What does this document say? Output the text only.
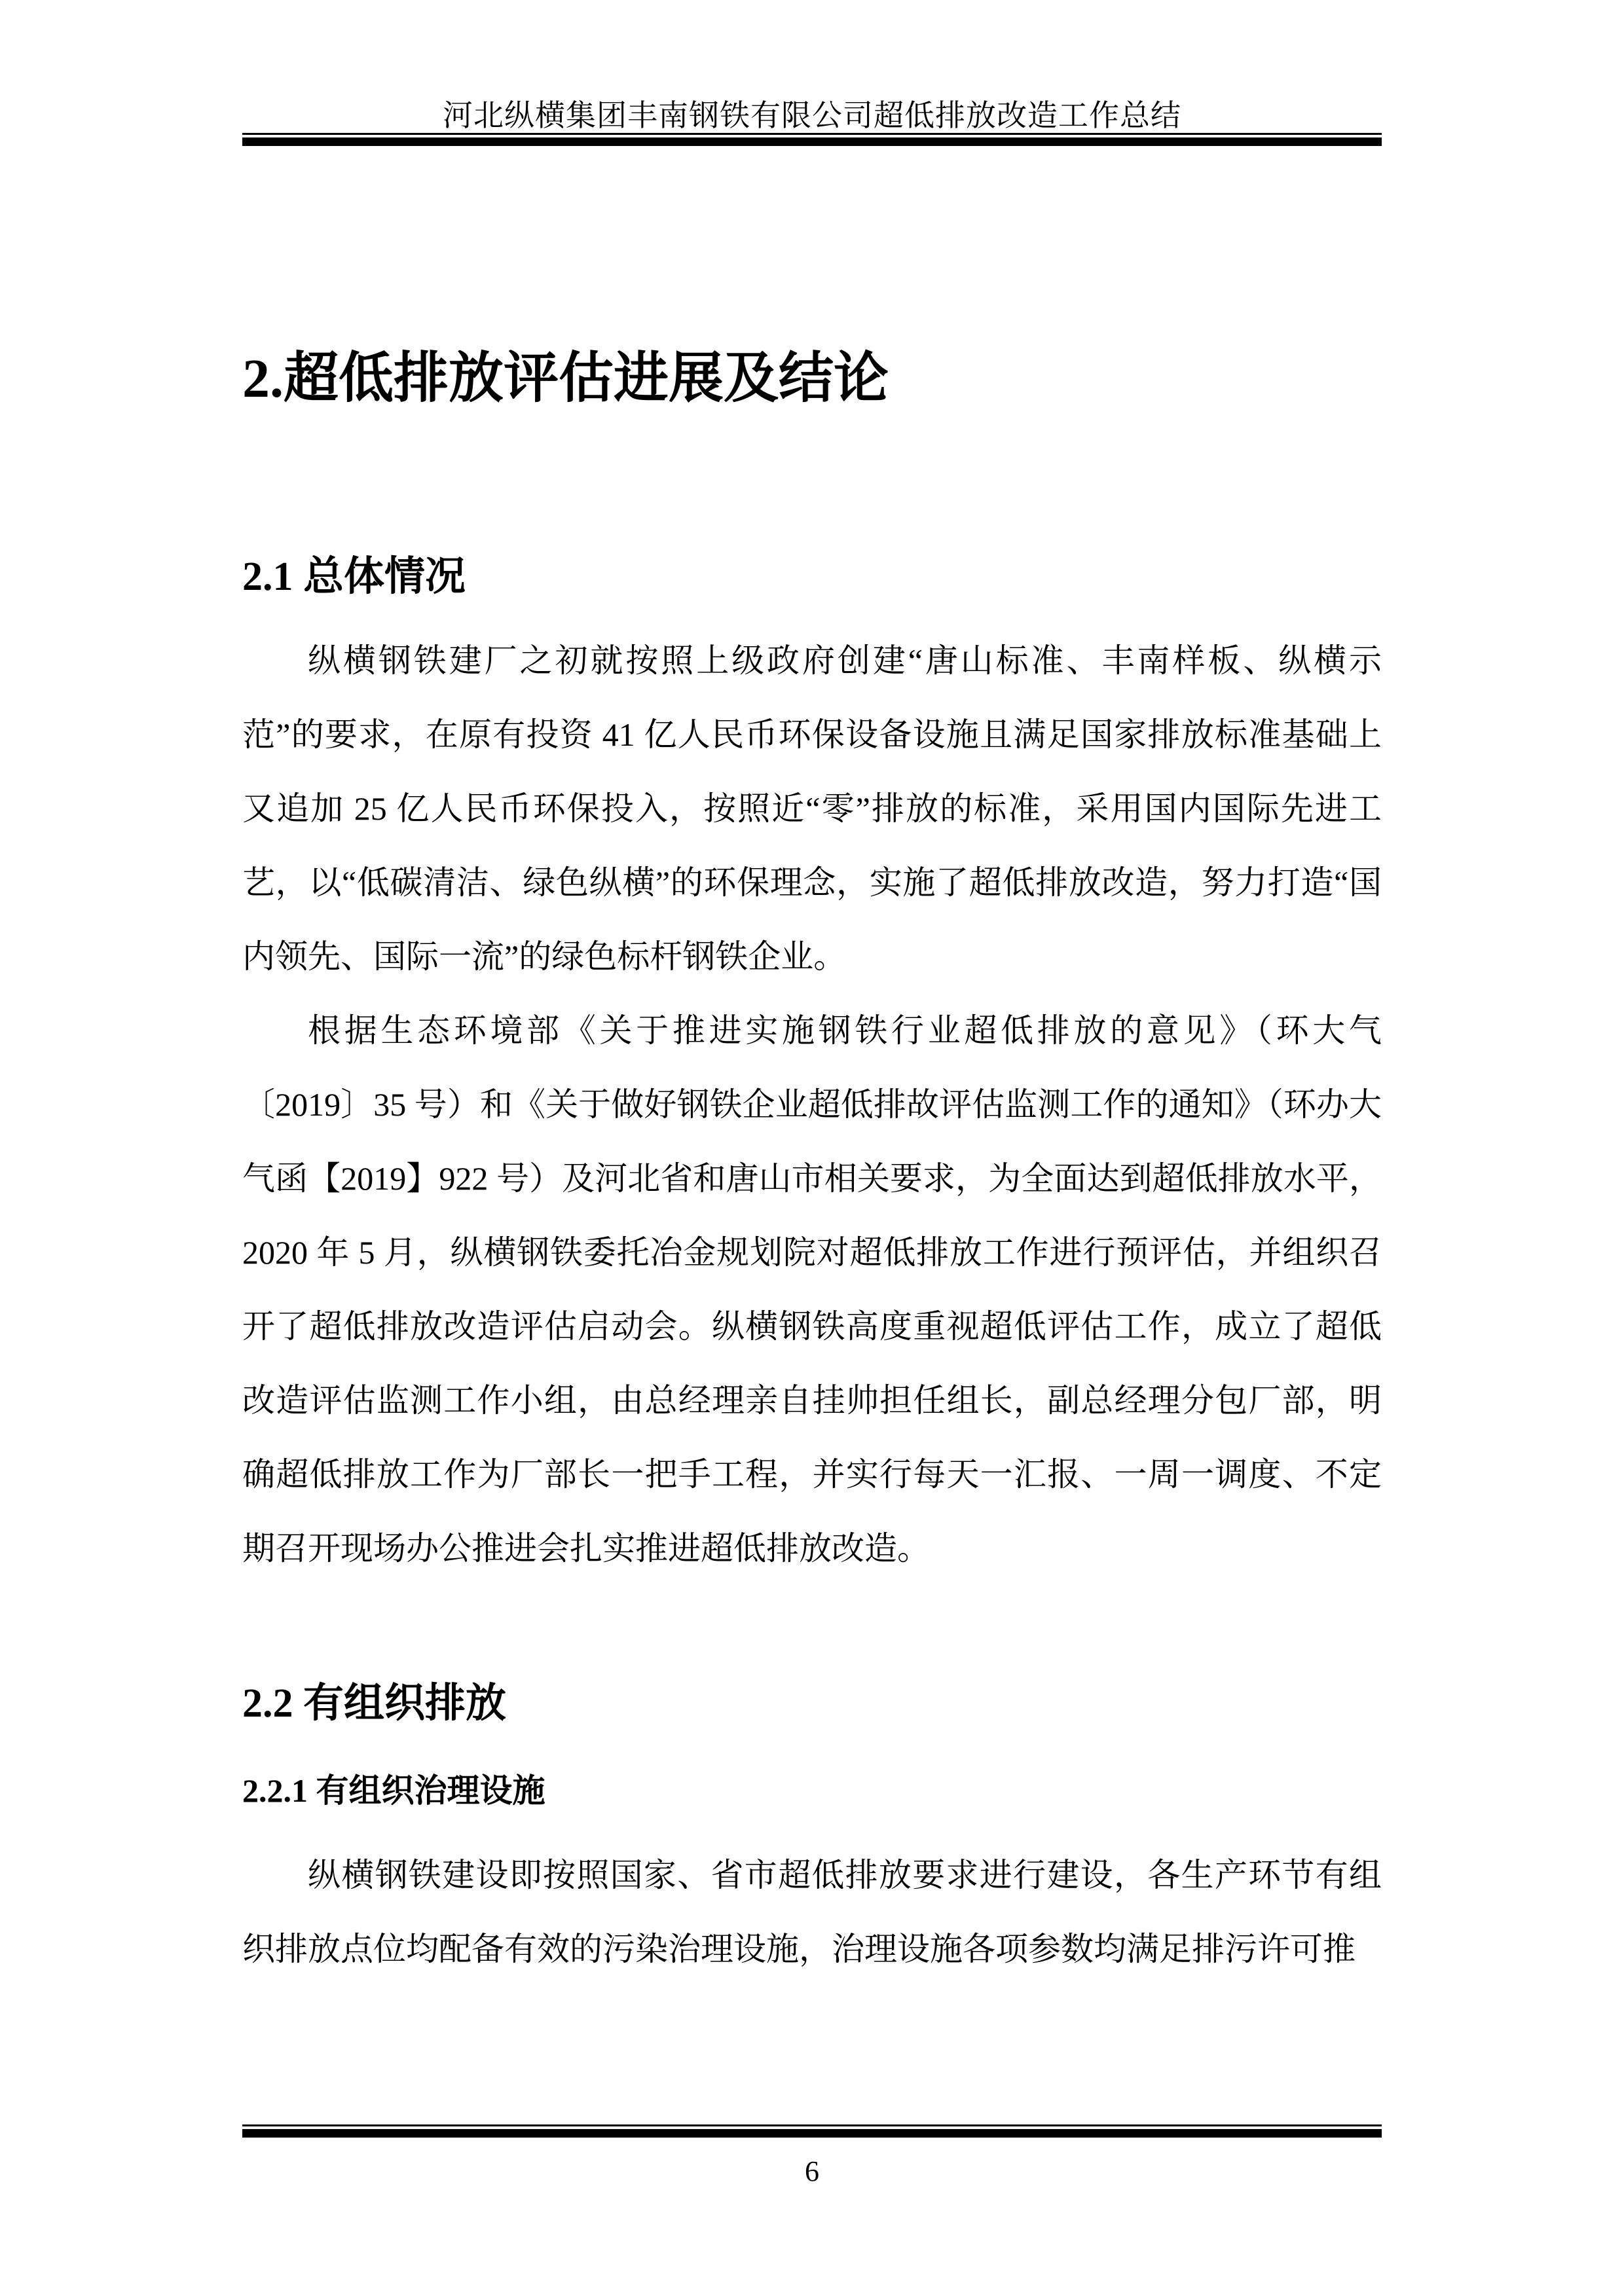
河北纵横集团丰南钢铁有限公司超低排放改造工作总结
2.超低排放评估进展及结论
2.1 总体情况

纵横钢铁建厂之初就按照上级政府创建“唐山标准、丰南样板、纵横示范”的要求，在原有投资 41 亿人民币环保设备设施且满足国家排放标准基础上又追加 25 亿人民币环保投入，按照近“零”排放的标准，采用国内国际先进工艺，以“低碳清洁、绿色纵横”的环保理念，实施了超低排放改造，努力打造“国内领先、国际一流”的绿色标杆钢铁企业。

根据生态环境部《关于推进实施钢铁行业超低排放的意见》（环大气〔2019〕35 号）和《关于做好钢铁企业超低排故评估监测工作的通知》（环办大气函【2019】922 号）及河北省和唐山市相关要求，为全面达到超低排放水平，2020 年 5 月，纵横钢铁委托冶金规划院对超低排放工作进行预评估，并组织召开了超低排放改造评估启动会。纵横钢铁高度重视超低评估工作，成立了超低改造评估监测工作小组，由总经理亲自挂帅担任组长，副总经理分包厂部，明确超低排放工作为厂部长一把手工程，并实行每天一汇报、一周一调度、不定期召开现场办公推进会扎实推进超低排放改造。

2.2 有组织排放
2.2.1 有组织治理设施

纵横钢铁建设即按照国家、省市超低排放要求进行建设，各生产环节有组织排放点位均配备有效的污染治理设施，治理设施各项参数均满足排污许可推

6
